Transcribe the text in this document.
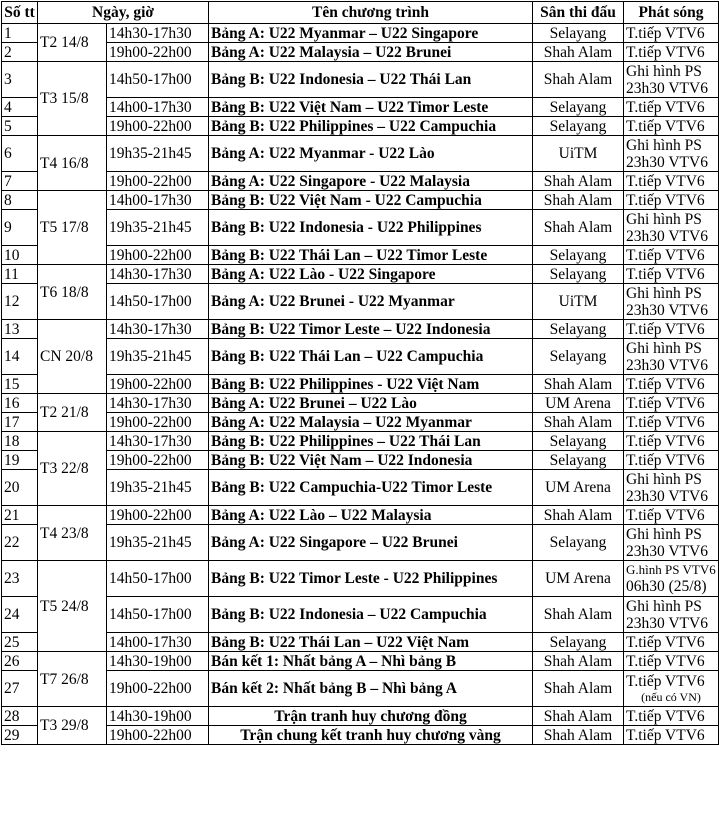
Số tt	Ngày, giờ		Tên chương trình	Sân thi đấu	Phát sóng
1	T2 14/8	14h30-17h30	Bảng A: U22 Myanmar – U22 Singapore	Selayang	T.tiếp VTV6

2		19h00-22h00	Bảng A: U22 Malaysia – U22 Brunei	Shah Alam	T.tiếp VTV6

3	T3 15/8	14h50-17h00	Bảng B: U22 Indonesia – U22 Thái Lan	Shah Alam	Ghi hình PS
23h30 VTV6

4		14h00-17h30	Bảng B: U22 Việt Nam – U22 Timor Leste	Selayang	T.tiếp VTV6

5		19h00-22h00	Bảng B: U22 Philippines – U22 Campuchia	Selayang	T.tiếp VTV6

6	T4 16/8	19h35-21h45	Bảng A: U22 Myanmar - U22 Lào	UiTM	Ghi hình PS
23h30 VTV6

7		19h00-22h00	Bảng A: U22 Singapore - U22 Malaysia	Shah Alam	T.tiếp VTV6

8	T5 17/8	14h00-17h30	Bảng B: U22 Việt Nam - U22 Campuchia	Shah Alam	T.tiếp VTV6

9		19h35-21h45	Bảng B: U22 Indonesia - U22 Philippines	Shah Alam	Ghi hình PS
23h30 VTV6

10		19h00-22h00	Bảng B: U22 Thái Lan – U22 Timor Leste	Selayang	T.tiếp VTV6

11	T6 18/8	14h30-17h30	Bảng A: U22 Lào - U22 Singapore	Selayang	T.tiếp VTV6

12		14h50-17h00	Bảng A: U22 Brunei - U22 Myanmar	UiTM	Ghi hình PS
23h30 VTV6

13	CN 20/8	14h30-17h30	Bảng B: U22 Timor Leste – U22 Indonesia	Selayang	T.tiếp VTV6

14		19h35-21h45	Bảng B: U22 Thái Lan – U22 Campuchia	Selayang	Ghi hình PS
23h30 VTV6

15		19h00-22h00	Bảng B: U22 Philippines - U22 Việt Nam	Shah Alam	T.tiếp VTV6

16	T2 21/8	14h30-17h30	Bảng A: U22 Brunei – U22 Lào	UM Arena	T.tiếp VTV6

17		19h00-22h00	Bảng A: U22 Malaysia – U22 Myanmar	Shah Alam	T.tiếp VTV6

18	T3 22/8	14h30-17h30	Bảng B: U22 Philippines – U22 Thái Lan	Selayang	T.tiếp VTV6

19		19h00-22h00	Bảng B: U22 Việt Nam – U22 Indonesia	Selayang	T.tiếp VTV6

20		19h35-21h45	Bảng B: U22 Campuchia-U22 Timor Leste	UM Arena	Ghi hình PS
23h30 VTV6

21	T4 23/8	19h00-22h00	Bảng A: U22 Lào – U22 Malaysia	Shah Alam	T.tiếp VTV6

22		19h35-21h45	Bảng A: U22 Singapore – U22 Brunei	Selayang	Ghi hình PS
23h30 VTV6

23	T5 24/8	14h50-17h00	Bảng B: U22 Timor Leste - U22 Philippines	UM Arena	G.hình PS VTV6
06h30 (25/8)

24		14h50-17h00	Bảng B: U22 Indonesia – U22 Campuchia	Shah Alam	Ghi hình PS
23h30 VTV6

25		14h00-17h30	Bảng B: U22 Thái Lan – U22 Việt Nam	Selayang	T.tiếp VTV6

26	T7 26/8	14h30-19h00	Bán kết 1: Nhất bảng A – Nhì bảng B	Shah Alam	T.tiếp VTV6

27		19h00-22h00	Bán kết 2: Nhất bảng B – Nhì bảng A	Shah Alam	T.tiếp VTV6
(nếu có VN)

28	T3 29/8	14h30-19h00	Trận tranh huy chương đồng	Shah Alam	T.tiếp VTV6

29		19h00-22h00	Trận chung kết tranh huy chương vàng	Shah Alam	T.tiếp VTV6
